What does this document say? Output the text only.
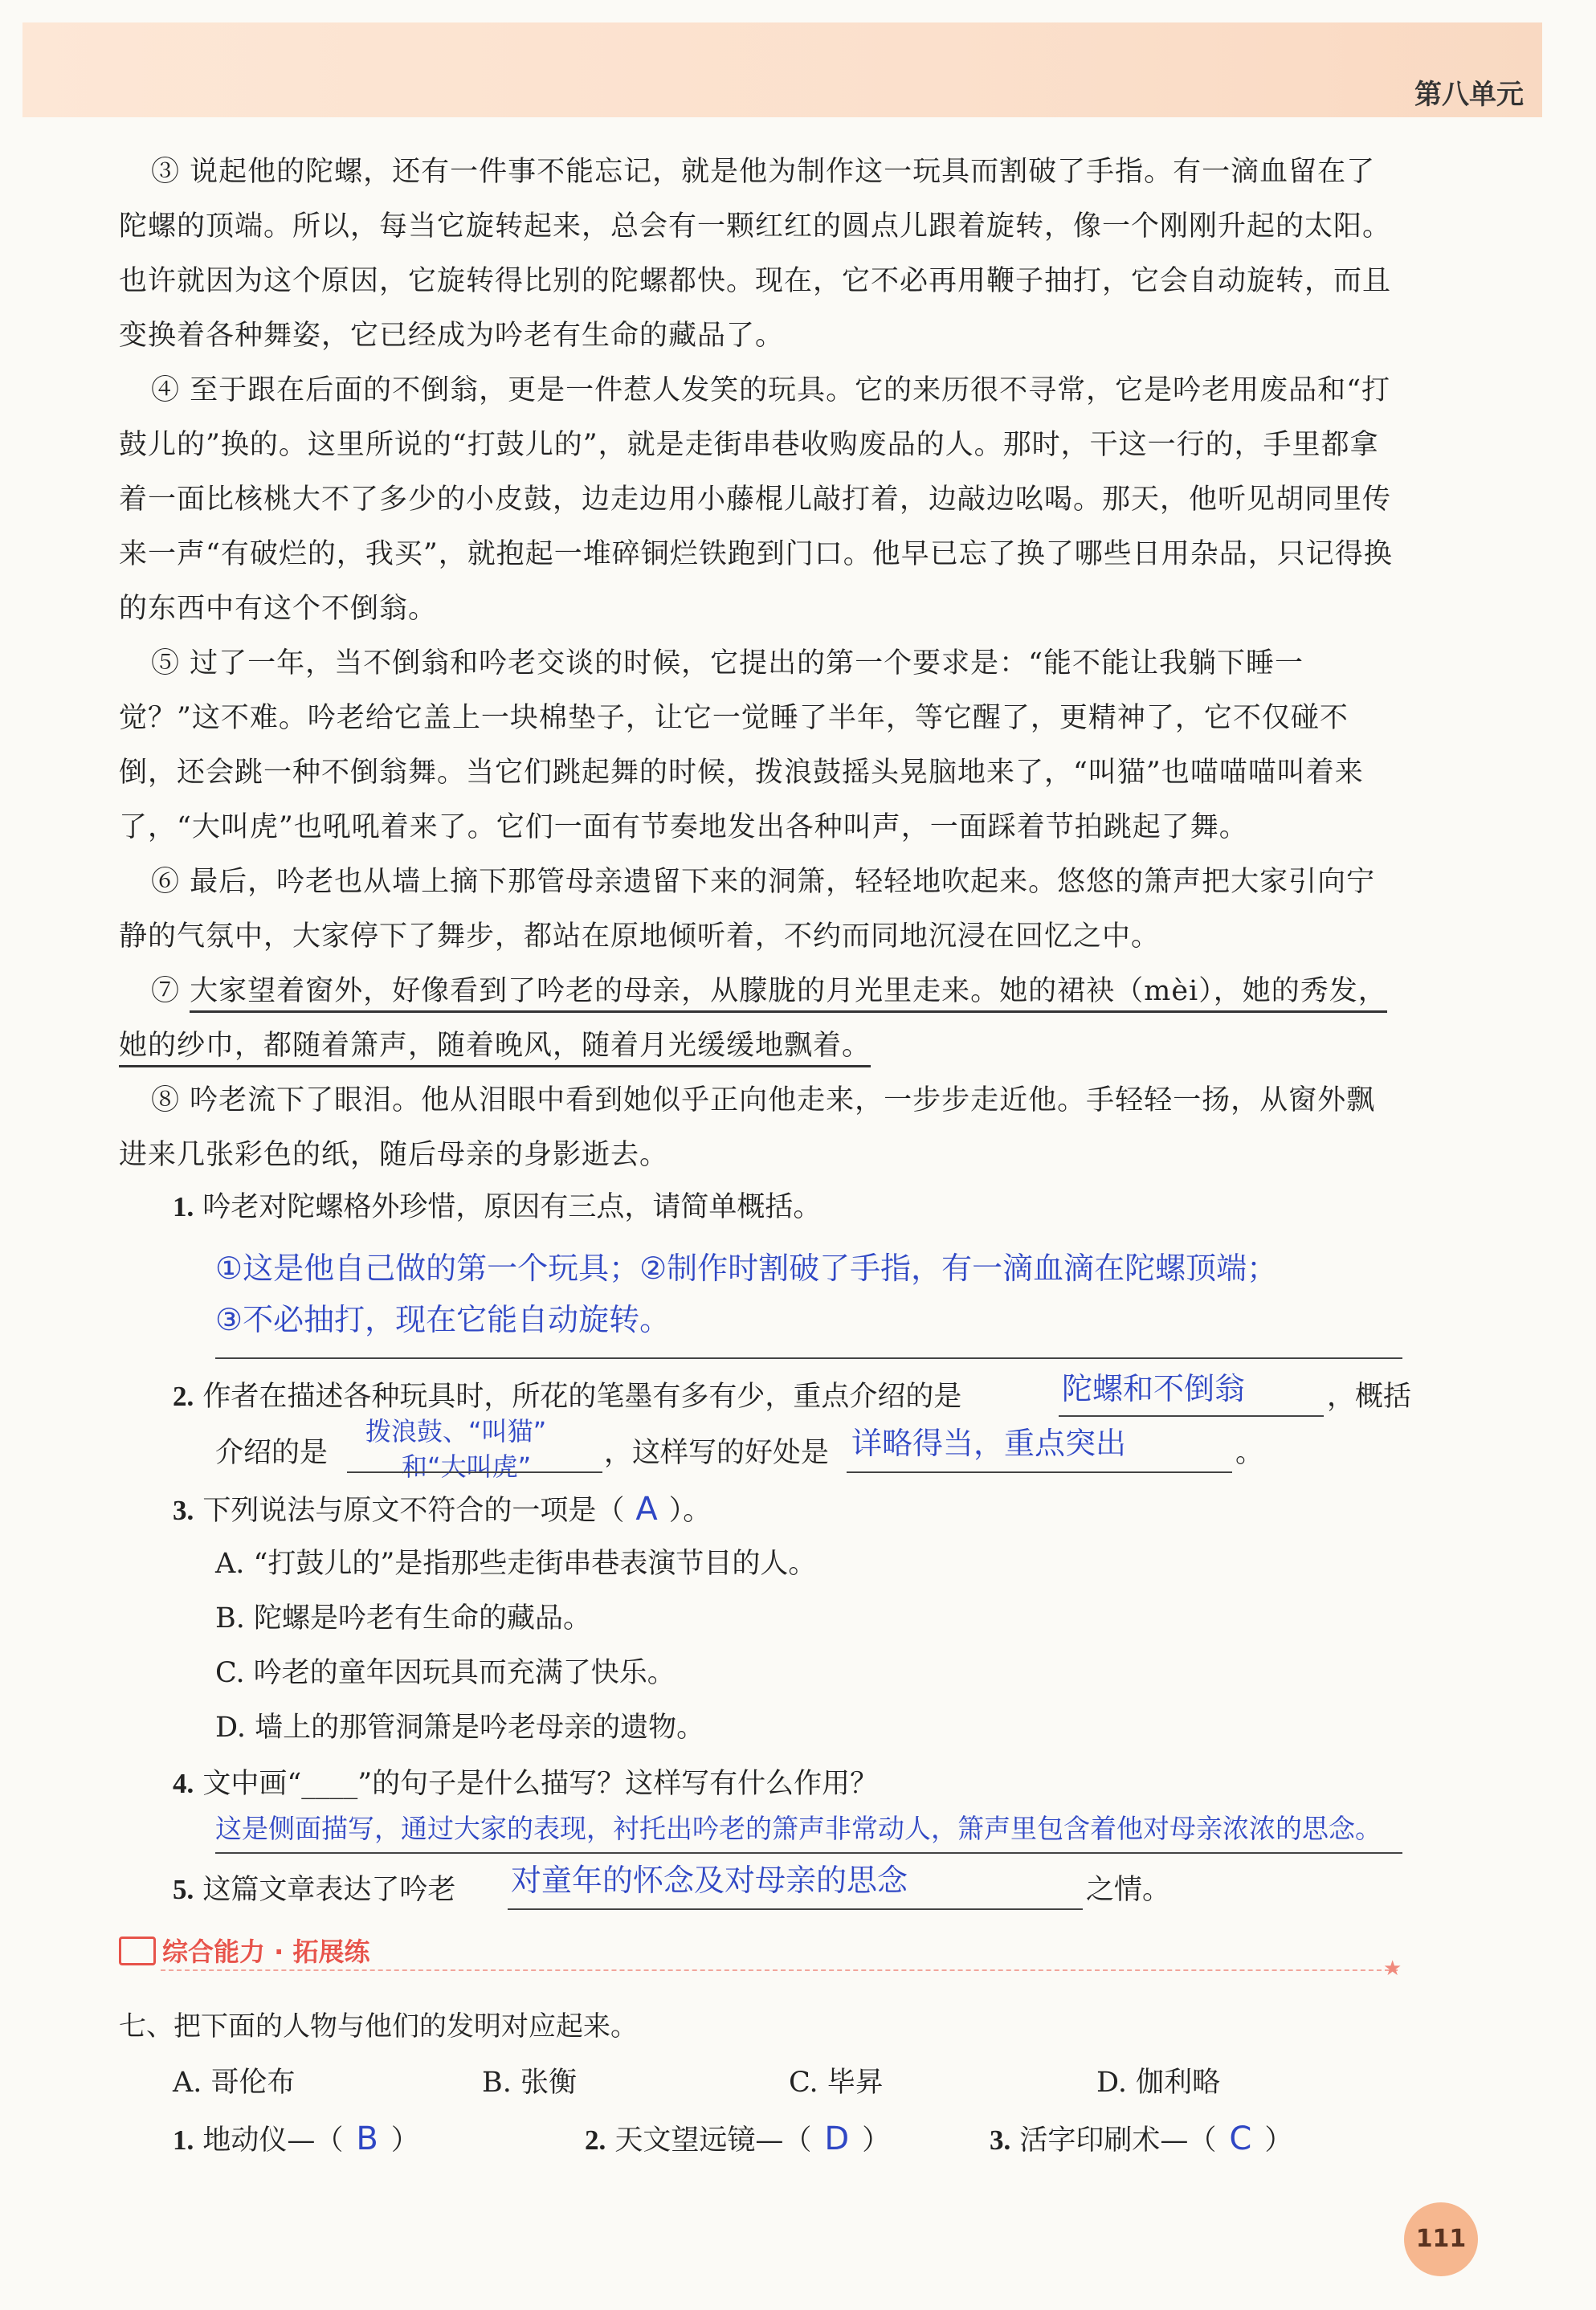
第八单元

③ 说起他的陀螺，还有一件事不能忘记，就是他为制作这一玩具而割破了手指。有一滴血留在了陀螺的顶端。所以，每当它旋转起来，总会有一颗红红的圆点儿跟着旋转，像一个刚刚升起的太阳。也许就因为这个原因，它旋转得比别的陀螺都快。现在，它不必再用鞭子抽打，它会自动旋转，而且变换着各种舞姿，它已经成为吟老有生命的藏品了。

④ 至于跟在后面的不倒翁，更是一件惹人发笑的玩具。它的来历很不寻常，它是吟老用废品和“打鼓儿的”换的。这里所说的“打鼓儿的”，就是走街串巷收购废品的人。那时，干这一行的，手里都拿着一面比核桃大不了多少的小皮鼓，边走边用小藤棍儿敲打着，边敲边吆喝。那天，他听见胡同里传来一声“有破烂的，我买”，就抱起一堆碎铜烂铁跑到门口。他早已忘了换了哪些日用杂品，只记得换的东西中有这个不倒翁。

⑤ 过了一年，当不倒翁和吟老交谈的时候，它提出的第一个要求是：“能不能让我躺下睡一觉？”这不难。吟老给它盖上一块棉垫子，让它一觉睡了半年，等它醒了，更精神了，它不仅碰不倒，还会跳一种不倒翁舞。当它们跳起舞的时候，拨浪鼓摇头晃脑地来了，“叫猫”也喵喵喵叫着来了，“大叫虎”也吼吼着来了。它们一面有节奏地发出各种叫声，一面踩着节拍跳起了舞。

⑥ 最后，吟老也从墙上摘下那管母亲遗留下来的洞箫，轻轻地吹起来。悠悠的箫声把大家引向宁静的气氛中，大家停下了舞步，都站在原地倾听着，不约而同地沉浸在回忆之中。

⑦ 大家望着窗外，好像看到了吟老的母亲，从朦胧的月光里走来。她的裙袂（mèi），她的秀发，她的纱巾，都随着箫声，随着晚风，随着月光缓缓地飘着。

⑧ 吟老流下了眼泪。他从泪眼中看到她似乎正向他走来，一步步走近他。手轻轻一扬，从窗外飘进来几张彩色的纸，随后母亲的身影逝去。

1. 吟老对陀螺格外珍惜，原因有三点，请简单概括。
①这是他自己做的第一个玩具；②制作时割破了手指，有一滴血滴在陀螺顶端；
③不必抽打，现在它能自动旋转。
2. 作者在描述各种玩具时，所花的笔墨有多有少，重点介绍的是	陀螺和不倒翁	，概括
介绍的是
拨浪鼓、“叫猫”
和“大叫虎”	，这样写的好处是 详略得当，重点突出	。
3. 下列说法与原文不符合的一项是（ A ）。
A. “打鼓儿的”是指那些走街串巷表演节目的人。
B. 陀螺是吟老有生命的藏品。
C. 吟老的童年因玩具而充满了快乐。
D. 墙上的那管洞箫是吟老母亲的遗物。
4. 文中画“____”的句子是什么描写？这样写有什么作用？
这是侧面描写，通过大家的表现，衬托出吟老的箫声非常动人，箫声里包含着他对母亲浓浓的思念。
5. 这篇文章表达了吟老 对童年的怀念及对母亲的思念	之情。
综合能力 · 拓展练
★
七、把下面的人物与他们的发明对应起来。
A. 哥伦布	B. 张衡	C. 毕昇	D. 伽利略
1. 地动仪—（ B ）	2. 天文望远镜—（ D ）	3. 活字印刷术—（ C ）
111
